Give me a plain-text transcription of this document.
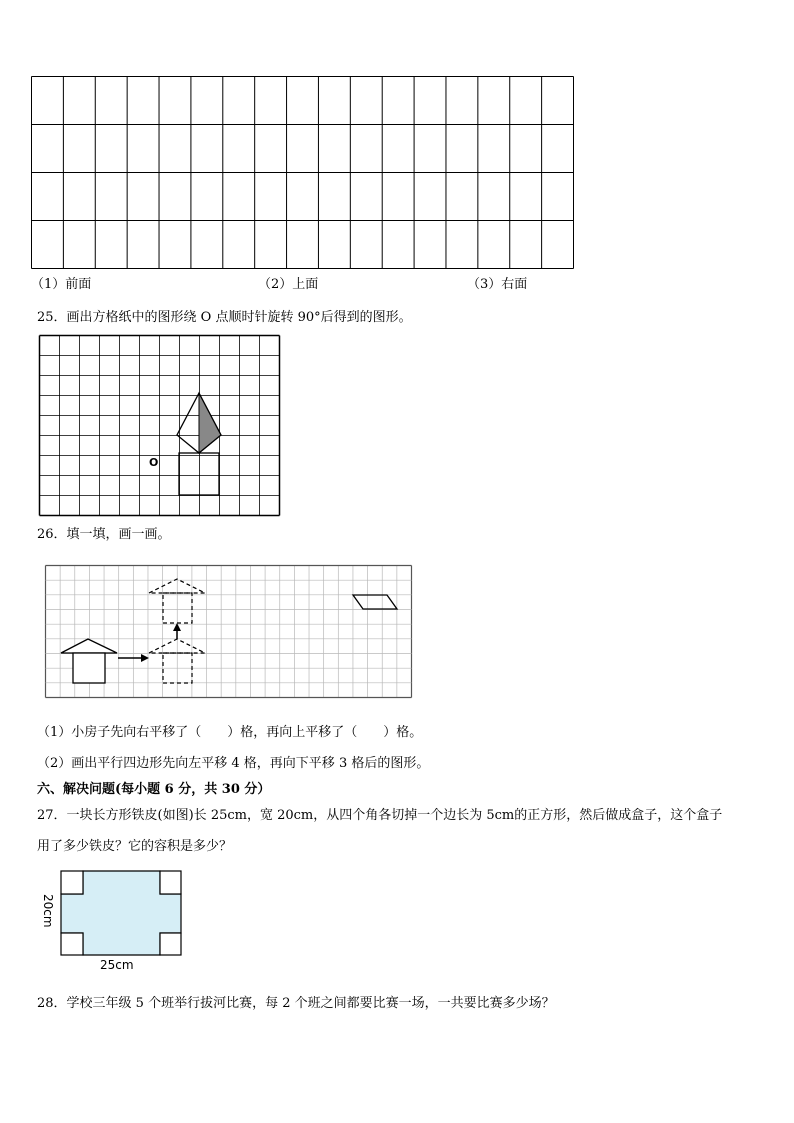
（1）前面	（2）上面	（3）右面
25．画出方格纸中的图形绕 O 点顺时针旋转 90°后得到的图形。
O
26．填一填，画一画。
（1）小房子先向右平移了（　　）格，再向上平移了（　　）格。
（2）画出平行四边形先向左平移 4 格，再向下平移 3 格后的图形。
六、解决问题(每小题 6 分，共 30 分）
27．一块长方形铁皮(如图)长 25cm，宽 20cm，从四个角各切掉一个边长为 5cm的正方形，然后做成盒子，这个盒子
用了多少铁皮？它的容积是多少？
20cm
25cm
28．学校三年级 5 个班举行拔河比赛，每 2 个班之间都要比赛一场，一共要比赛多少场？
